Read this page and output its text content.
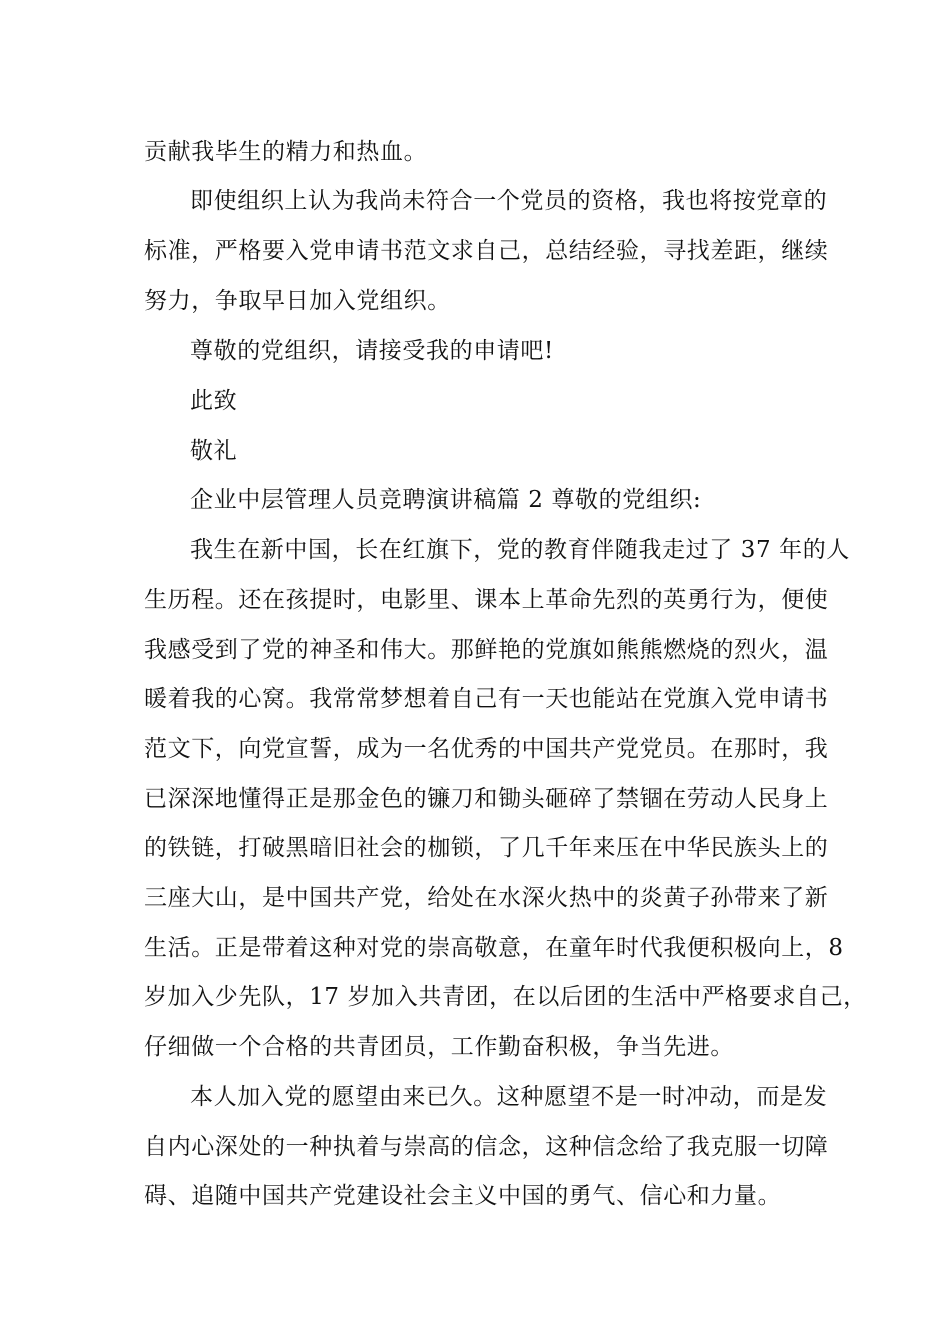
贡献我毕生的精力和热血。
即使组织上认为我尚未符合一个党员的资格，我也将按党章的
标准，严格要入党申请书范文求自己，总结经验，寻找差距，继续
努力，争取早日加入党组织。
尊敬的党组织，请接受我的申请吧!
此致
敬礼
企业中层管理人员竞聘演讲稿篇 2 尊敬的党组织:
我生在新中国，长在红旗下，党的教育伴随我走过了 37 年的人
生历程。还在孩提时，电影里、课本上革命先烈的英勇行为，便使
我感受到了党的神圣和伟大。那鲜艳的党旗如熊熊燃烧的烈火，温
暖着我的心窝。我常常梦想着自己有一天也能站在党旗入党申请书
范文下，向党宣誓，成为一名优秀的中国共产党党员。在那时，我
已深深地懂得正是那金色的镰刀和锄头砸碎了禁锢在劳动人民身上
的铁链，打破黑暗旧社会的枷锁，了几千年来压在中华民族头上的
三座大山，是中国共产党，给处在水深火热中的炎黄子孙带来了新
生活。正是带着这种对党的崇高敬意，在童年时代我便积极向上，8
岁加入少先队，17 岁加入共青团，在以后团的生活中严格要求自己，
仔细做一个合格的共青团员，工作勤奋积极，争当先进。
本人加入党的愿望由来已久。这种愿望不是一时冲动，而是发
自内心深处的一种执着与崇高的信念，这种信念给了我克服一切障
碍、追随中国共产党建设社会主义中国的勇气、信心和力量。
